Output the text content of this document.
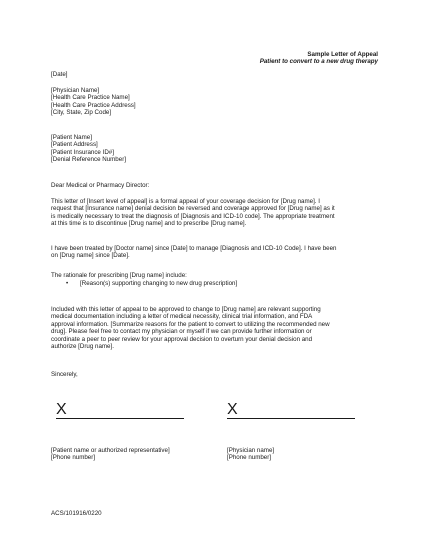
Sample Letter of Appeal
Patient to convert to a new drug therapy
[Date]
[Physician Name]
[Health Care Practice Name]
[Health Care Practice Address]
[City, State, Zip Code]
[Patient Name]
[Patient Address]
[Patient Insurance ID#]
[Denial Reference Number]
Dear Medical or Pharmacy Director:
This letter of [Insert level of appeal] is a formal appeal of your coverage decision for [Drug name]. I
request that [Insurance name] denial decision be reversed and coverage approved for [Drug name] as it
is medically necessary to treat the diagnosis of [Diagnosis and ICD-10 code]. The appropriate treatment
at this time is to discontinue [Drug name] and to prescribe [Drug name].
I have been treated by [Doctor name] since [Date] to manage [Diagnosis and ICD-10 Code]. I have been
on [Drug name] since [Date].
The rationale for prescribing [Drug name] include:
•	[Reason(s) supporting changing to new drug prescription]
Included with this letter of appeal to be approved to change to [Drug name] are relevant supporting
medical documentation including a letter of medical necessity, clinical trial information, and FDA
approval information. [Summarize reasons for the patient to convert to utilizing the recommended new
drug]. Please feel free to contact my physician or myself if we can provide further information or
coordinate a peer to peer review for your approval decision to overturn your denial decision and
authorize [Drug name].
Sincerely,
X	X
[Patient name or authorized representative]
[Phone number]
[Physician name]
[Phone number]
ACS/101916/0220
